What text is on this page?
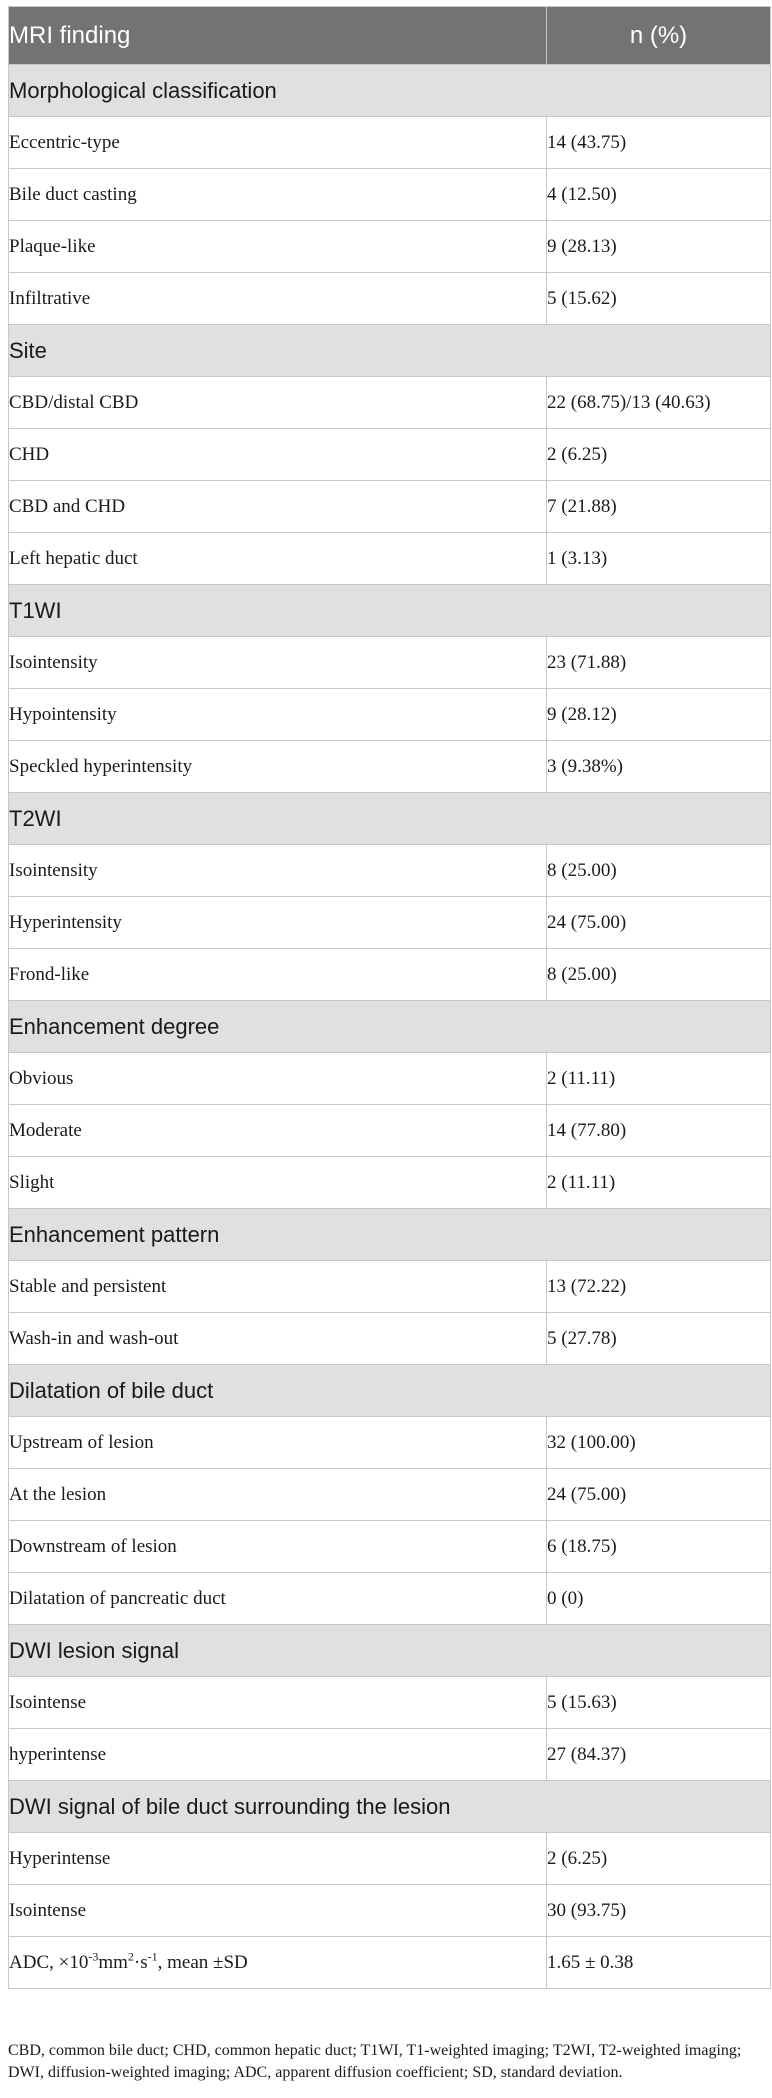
MRI finding	n (%)
Morphological classification	
Eccentric-type	14 (43.75)
Bile duct casting	4 (12.50)
Plaque-like	9 (28.13)
Infiltrative	5 (15.62)
Site	
CBD/distal CBD	22 (68.75)/13 (40.63)
CHD	2 (6.25)
CBD and CHD	7 (21.88)
Left hepatic duct	1 (3.13)
T1WI	
Isointensity	23 (71.88)
Hypointensity	9 (28.12)
Speckled hyperintensity	3 (9.38%)
T2WI	
Isointensity	8 (25.00)
Hyperintensity	24 (75.00)
Frond-like	8 (25.00)
Enhancement degree	
Obvious	2 (11.11)
Moderate	14 (77.80)
Slight	2 (11.11)
Enhancement pattern	
Stable and persistent	13 (72.22)
Wash-in and wash-out	5 (27.78)
Dilatation of bile duct	
Upstream of lesion	32 (100.00)
At the lesion	24 (75.00)
Downstream of lesion	6 (18.75)
Dilatation of pancreatic duct	0 (0)
DWI lesion signal	
Isointense	5 (15.63)
hyperintense	27 (84.37)
DWI signal of bile duct surrounding the lesion	
Hyperintense	2 (6.25)
Isointense	30 (93.75)
ADC, $\times 10^{-3}mm^2\cdot s^{-1}$, mean ±SD	1.65 ± 0.38
CBD, common bile duct; CHD, common hepatic duct; T1WI, T1-weighted imaging; T2WI, T2-weighted imaging; DWI, diffusion-weighted imaging; ADC, apparent diffusion coefficient; SD, standard deviation.
